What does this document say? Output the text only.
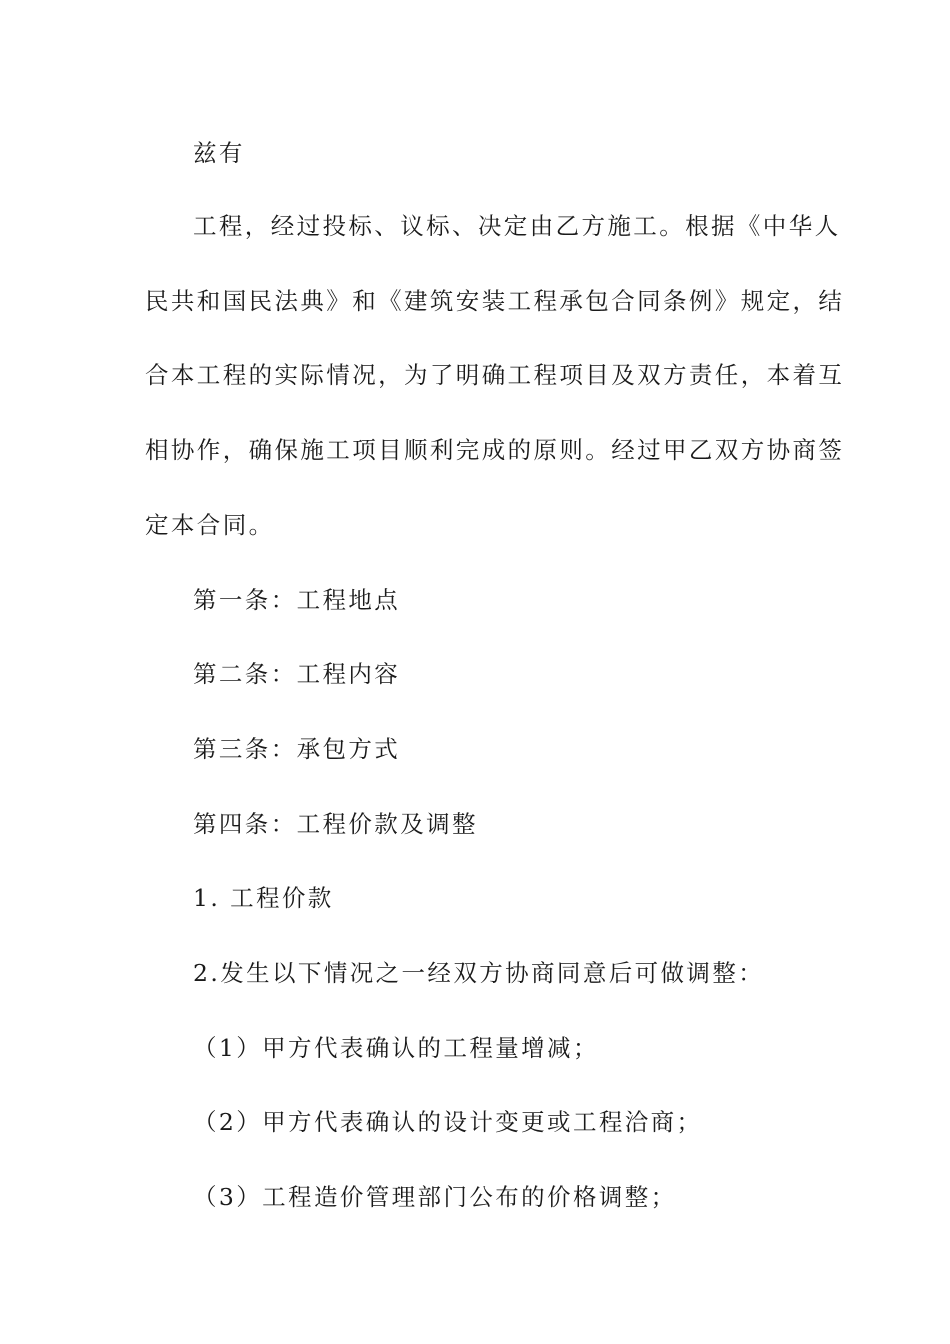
兹有
工程，经过投标、议标、决定由乙方施工。根据《中华人
民共和国民法典》和《建筑安装工程承包合同条例》规定，结
合本工程的实际情况，为了明确工程项目及双方责任，本着互
相协作，确保施工项目顺利完成的原则。经过甲乙双方协商签
定本合同。
第一条：工程地点
第二条：工程内容
第三条：承包方式
第四条：工程价款及调整
1. 工程价款
2.发生以下情况之一经双方协商同意后可做调整：
（1）甲方代表确认的工程量增减；
（2）甲方代表确认的设计变更或工程洽商；
（3）工程造价管理部门公布的价格调整；
